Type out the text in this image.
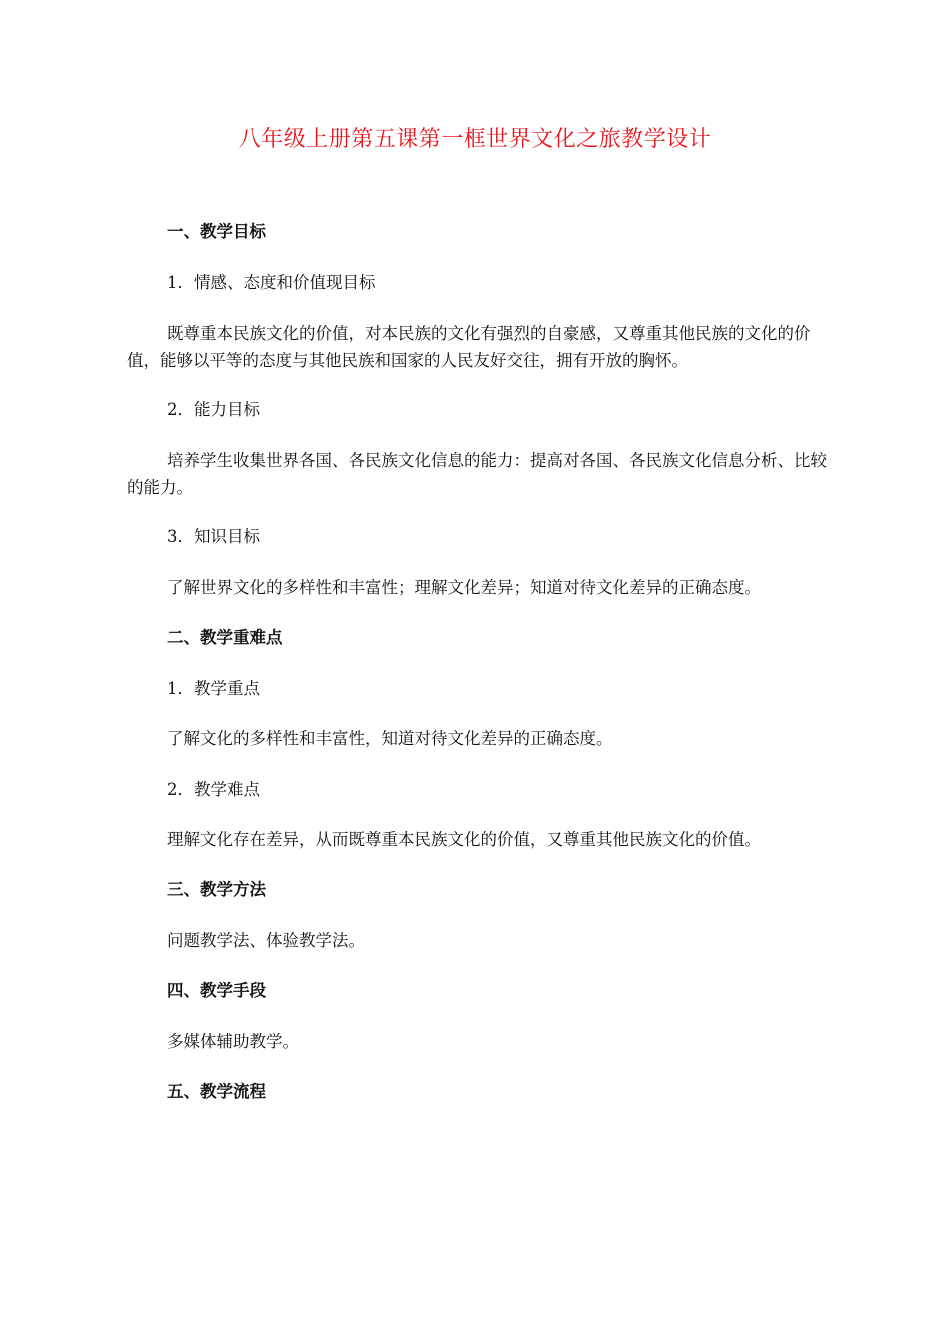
八年级上册第五课第一框世界文化之旅教学设计
一、教学目标
1．情感、态度和价值现目标
既尊重本民族文化的价值，对本民族的文化有强烈的自豪感，又尊重其他民族的文化的价值，能够以平等的态度与其他民族和国家的人民友好交往，拥有开放的胸怀。
2．能力目标
培养学生收集世界各国、各民族文化信息的能力：提高对各国、各民族文化信息分析、比较的能力。
3．知识目标
了解世界文化的多样性和丰富性；理解文化差异；知道对待文化差异的正确态度。
二、教学重难点
1．教学重点
了解文化的多样性和丰富性，知道对待文化差异的正确态度。
2．教学难点
理解文化存在差异，从而既尊重本民族文化的价值，又尊重其他民族文化的价值。
三、教学方法
问题教学法、体验教学法。
四、教学手段
多媒体辅助教学。
五、教学流程
